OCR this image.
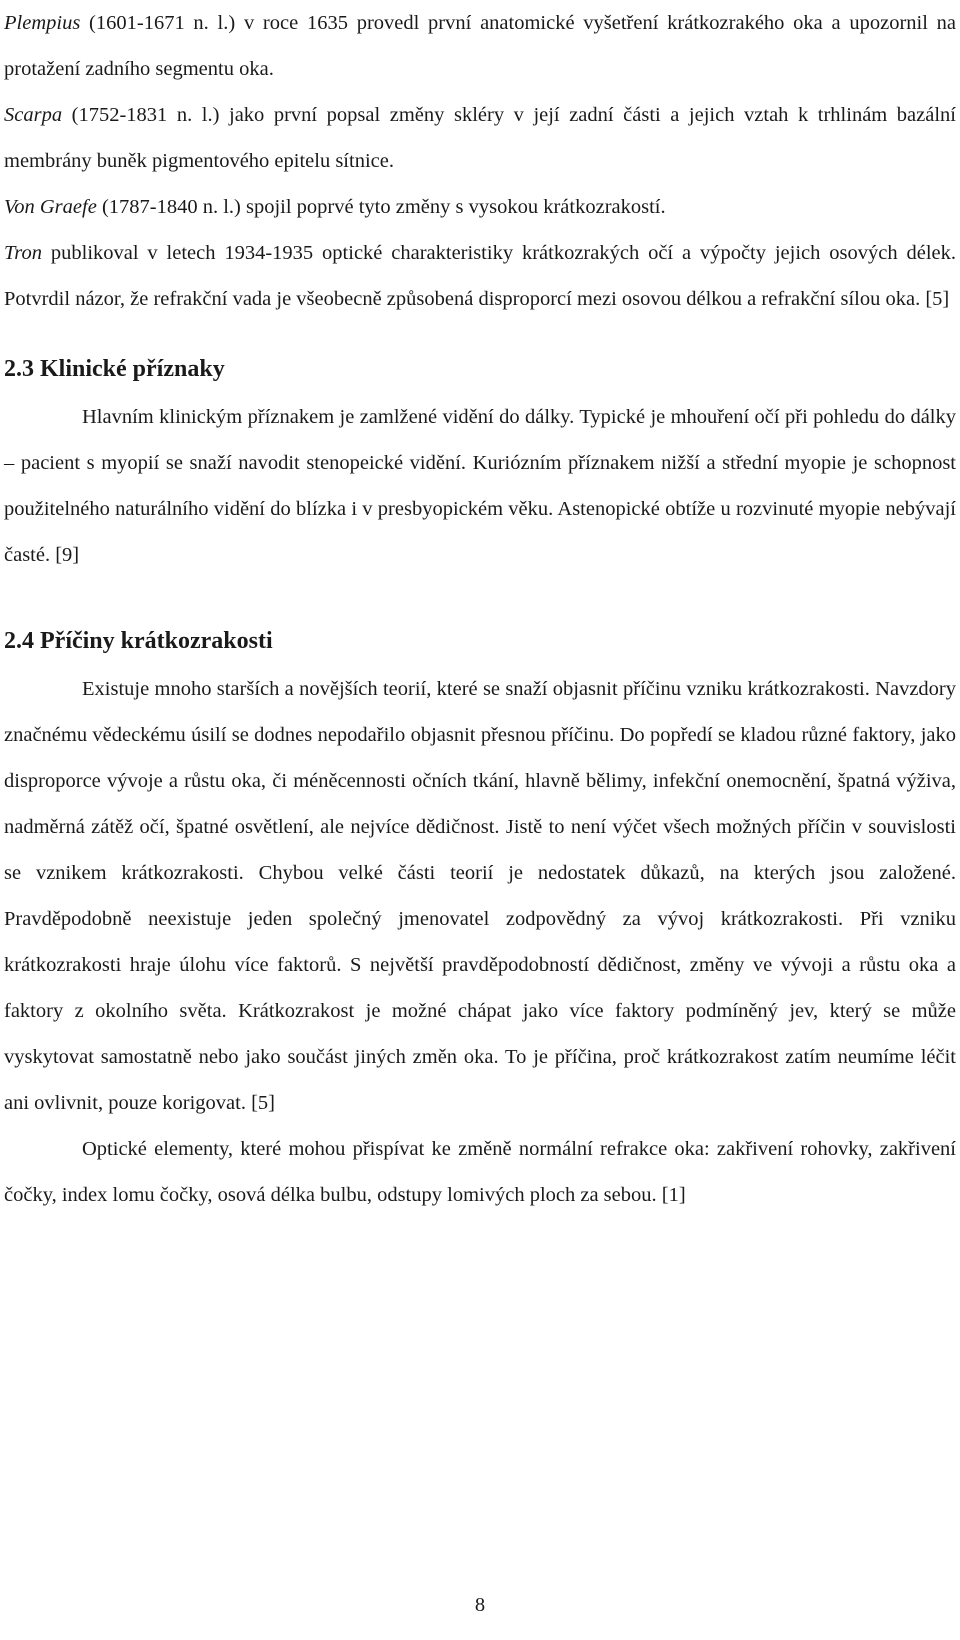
Plempius (1601-1671 n. l.) v roce 1635 provedl první anatomické vyšetření krátkozrakého oka a upozornil na protažení zadního segmentu oka.

Scarpa (1752-1831 n. l.) jako první popsal změny skléry v její zadní části a jejich vztah k trhlinám bazální membrány buněk pigmentového epitelu sítnice.

Von Graefe (1787-1840 n. l.) spojil poprvé tyto změny s vysokou krátkozrakostí.

Tron publikoval v letech 1934-1935 optické charakteristiky krátkozrakých očí a výpočty jejich osových délek. Potvrdil názor, že refrakční vada je všeobecně způsobená disproporcí mezi osovou délkou a refrakční sílou oka. [5]

2.3 Klinické příznaky

Hlavním klinickým příznakem je zamlžené vidění do dálky. Typické je mhouření očí při pohledu do dálky – pacient s myopií se snaží navodit stenopeické vidění. Kuriózním příznakem nižší a střední myopie je schopnost použitelného naturálního vidění do blízka i v presbyopickém věku. Astenopické obtíže u rozvinuté myopie nebývají časté. [9]

2.4 Příčiny krátkozrakosti

Existuje mnoho starších a novějších teorií, které se snaží objasnit příčinu vzniku krátkozrakosti. Navzdory značnému vědeckému úsilí se dodnes nepodařilo objasnit přesnou příčinu. Do popředí se kladou různé faktory, jako disproporce vývoje a růstu oka, či méněcennosti očních tkání, hlavně bělimy, infekční onemocnění, špatná výživa, nadměrná zátěž očí, špatné osvětlení, ale nejvíce dědičnost. Jistě to není výčet všech možných příčin v souvislosti se vznikem krátkozrakosti. Chybou velké části teorií je nedostatek důkazů, na kterých jsou založené. Pravděpodobně neexistuje jeden společný jmenovatel zodpovědný za vývoj krátkozrakosti. Při vzniku krátkozrakosti hraje úlohu více faktorů. S největší pravděpodobností dědičnost, změny ve vývoji a růstu oka a faktory z okolního světa. Krátkozrakost je možné chápat jako více faktory podmíněný jev, který se může vyskytovat samostatně nebo jako součást jiných změn oka. To je příčina, proč krátkozrakost zatím neumíme léčit ani ovlivnit, pouze korigovat. [5]

Optické elementy, které mohou přispívat ke změně normální refrakce oka: zakřivení rohovky, zakřivení čočky, index lomu čočky, osová délka bulbu, odstupy lomivých ploch za sebou. [1]

8
